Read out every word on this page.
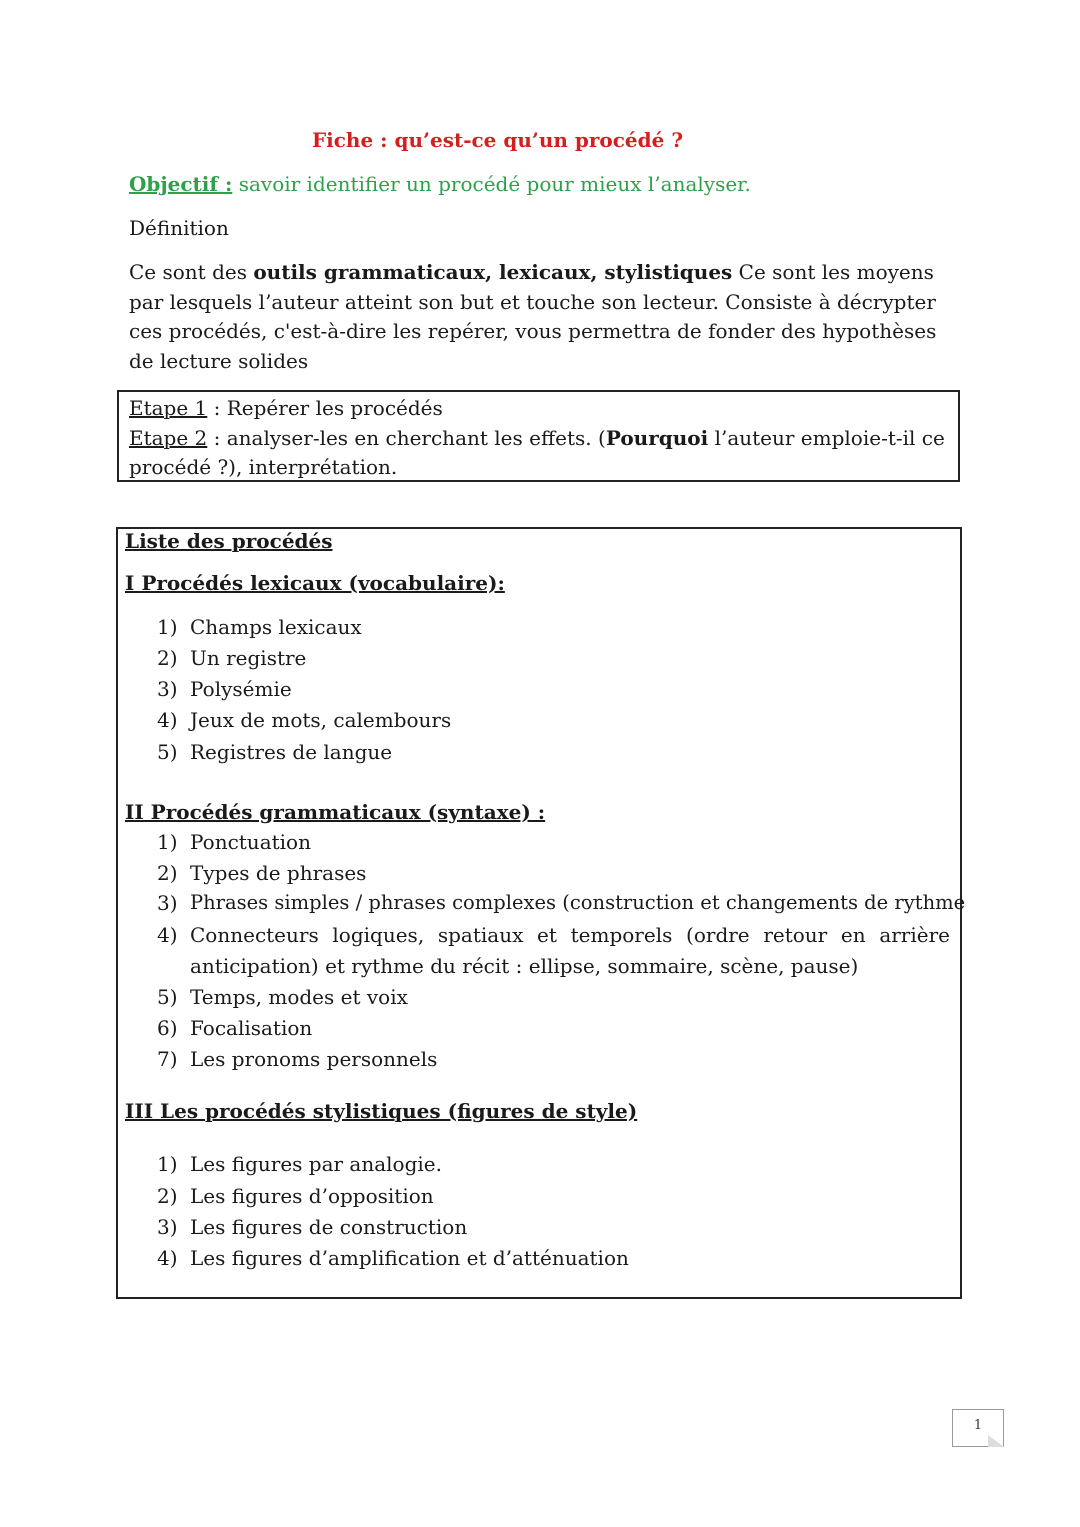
Fiche : qu’est-ce qu’un procédé ?
Objectif : savoir identifier un procédé pour mieux l’analyser.
Définition
Ce sont des outils grammaticaux, lexicaux, stylistiques Ce sont les moyens par lesquels l’auteur atteint son but et touche son lecteur. Consiste à décrypter ces procédés, c'est-à-dire les repérer, vous permettra de fonder des hypothèses de lecture solides
Etape 1 : Repérer les procédés
Etape 2 : analyser-les en cherchant les effets. (Pourquoi l’auteur emploie-t-il ce procédé ?), interprétation.
Liste des procédés
I Procédés lexicaux (vocabulaire):
1) Champs lexicaux
2) Un registre
3) Polysémie
4) Jeux de mots, calembours
5) Registres de langue
II Procédés grammaticaux (syntaxe) :
1) Ponctuation
2) Types de phrases
3) Phrases simples / phrases complexes (construction et changements de rythme
4) Connecteurs logiques, spatiaux et temporels (ordre retour en arrière
anticipation) et rythme du récit : ellipse, sommaire, scène, pause)
5) Temps, modes et voix
6) Focalisation
7) Les pronoms personnels
III Les procédés stylistiques (figures de style)
1) Les figures par analogie.
2) Les figures d’opposition
3) Les figures de construction
4) Les figures d’amplification et d’atténuation
1
